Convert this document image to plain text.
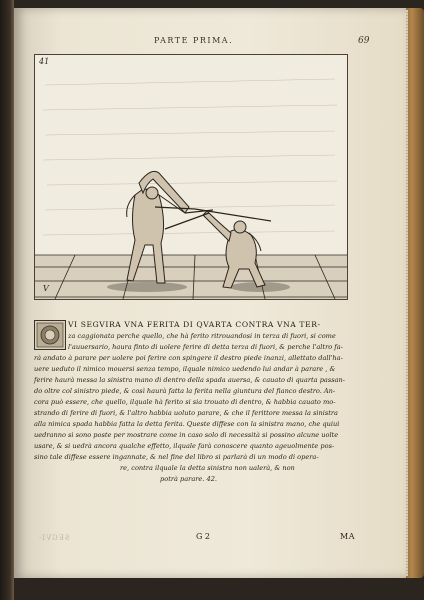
PARTE PRIMA.	69
41
V
VI SEGVIRA VNA FERITA DI QVARTA CONTRA VNA TER-
za caggionata perche quello, che hà ferito ritrouandosi in terza di fuori, si come
l'auuersario, haura finto di uolere ferire di detta terza di fuori, & perche l'altro fa-
rà andato à parare per uolere poi ferire con spingere il destro piede inanzi, allettato dall'ha-
uere ueduto il nimico mouersi senza tempo, ilquale nimico uedendo lui andar à parare , &
ferire haurà messa la sinistra mano di dentro della spada auersa, & cauato di quarta passan-
do oltre col sinistro piede, & così haurà fatta la ferita nella giuntura del fianco destro. An-
cora può essere, che quello, ilquale hà ferito si sia trouato di dentro, & habbia cauato mo-
strando di ferire di fuori, & l'altro habbia uoluto parare, & che il ferittore messa la sinistra
alla nimica spada habbia fatta la detta ferita. Queste diffese con la sinistra mano, che quiui
uedranno si sono poste per mostrare come in caso solo di necessità si possino alcune uolte
usare, & si uedrà ancora qualche effetto, ilquale farà conoscere quanto ageuolmente pos-
sino tale diffese essere ingannate, & nel fine del libro si parlarà di un modo di opera-
re, contra ilquale la detta sinistra non ualerà, & non
potrà parare. 42.
SEGVI-	G 2	MA
